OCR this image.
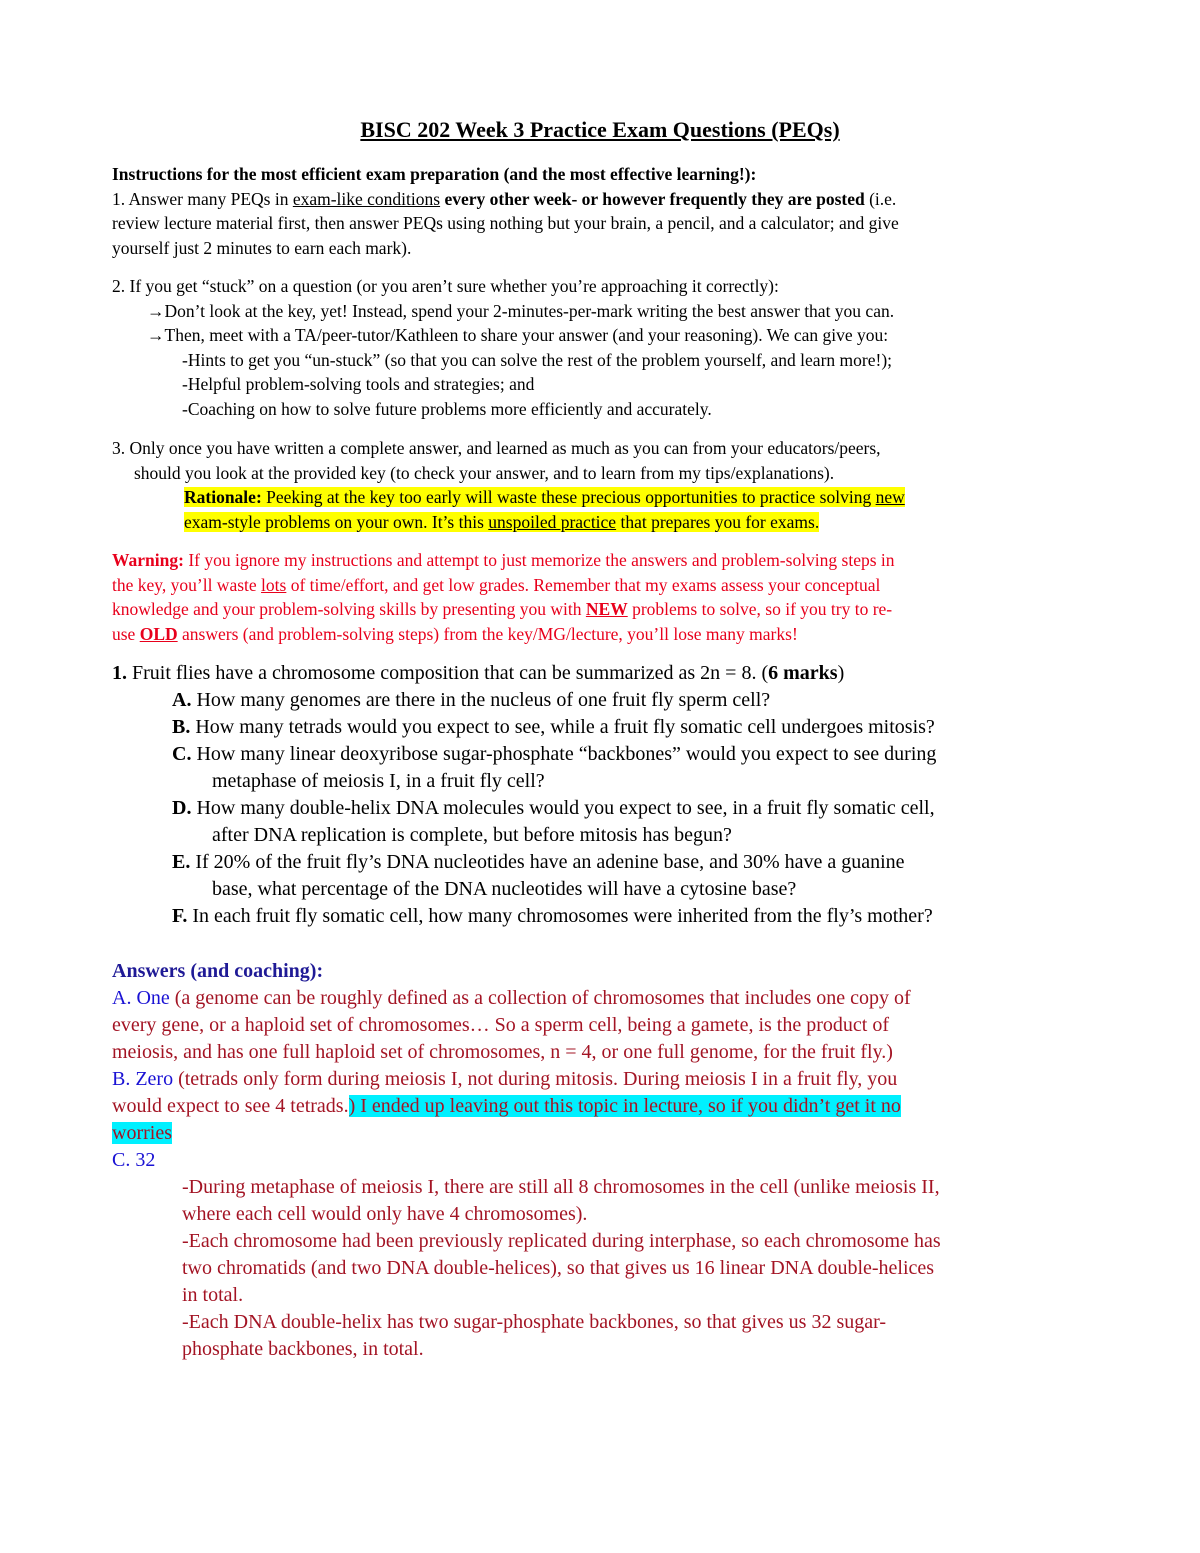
BISC 202 Week 3 Practice Exam Questions (PEQs)
Instructions for the most efficient exam preparation (and the most effective learning!):
1. Answer many PEQs in exam-like conditions every other week- or however frequently they are posted (i.e.
review lecture material first, then answer PEQs using nothing but your brain, a pencil, and a calculator; and give
yourself just 2 minutes to earn each mark).
2. If you get “stuck” on a question (or you aren’t sure whether you’re approaching it correctly):
→Don’t look at the key, yet! Instead, spend your 2-minutes-per-mark writing the best answer that you can.
→Then, meet with a TA/peer-tutor/Kathleen to share your answer (and your reasoning). We can give you:
-Hints to get you “un-stuck” (so that you can solve the rest of the problem yourself, and learn more!);
-Helpful problem-solving tools and strategies; and
-Coaching on how to solve future problems more efficiently and accurately.
3. Only once you have written a complete answer, and learned as much as you can from your educators/peers,
should you look at the provided key (to check your answer, and to learn from my tips/explanations).
Rationale: Peeking at the key too early will waste these precious opportunities to practice solving new
exam-style problems on your own. It’s this unspoiled practice that prepares you for exams.
Warning: If you ignore my instructions and attempt to just memorize the answers and problem-solving steps in
the key, you’ll waste lots of time/effort, and get low grades. Remember that my exams assess your conceptual
knowledge and your problem-solving skills by presenting you with NEW problems to solve, so if you try to re-
use OLD answers (and problem-solving steps) from the key/MG/lecture, you’ll lose many marks!
1. Fruit flies have a chromosome composition that can be summarized as 2n = 8. (6 marks)
A. How many genomes are there in the nucleus of one fruit fly sperm cell?
B. How many tetrads would you expect to see, while a fruit fly somatic cell undergoes mitosis?
C. How many linear deoxyribose sugar-phosphate “backbones” would you expect to see during
metaphase of meiosis I, in a fruit fly cell?
D. How many double-helix DNA molecules would you expect to see, in a fruit fly somatic cell,
after DNA replication is complete, but before mitosis has begun?
E. If 20% of the fruit fly’s DNA nucleotides have an adenine base, and 30% have a guanine
base, what percentage of the DNA nucleotides will have a cytosine base?
F. In each fruit fly somatic cell, how many chromosomes were inherited from the fly’s mother?
Answers (and coaching):
A. One (a genome can be roughly defined as a collection of chromosomes that includes one copy of
every gene, or a haploid set of chromosomes… So a sperm cell, being a gamete, is the product of
meiosis, and has one full haploid set of chromosomes, n = 4, or one full genome, for the fruit fly.)
B. Zero (tetrads only form during meiosis I, not during mitosis. During meiosis I in a fruit fly, you
would expect to see 4 tetrads.) I ended up leaving out this topic in lecture, so if you didn’t get it no
worries
C. 32
-During metaphase of meiosis I, there are still all 8 chromosomes in the cell (unlike meiosis II,
where each cell would only have 4 chromosomes).
-Each chromosome had been previously replicated during interphase, so each chromosome has
two chromatids (and two DNA double-helices), so that gives us 16 linear DNA double-helices
in total.
-Each DNA double-helix has two sugar-phosphate backbones, so that gives us 32 sugar-
phosphate backbones, in total.
